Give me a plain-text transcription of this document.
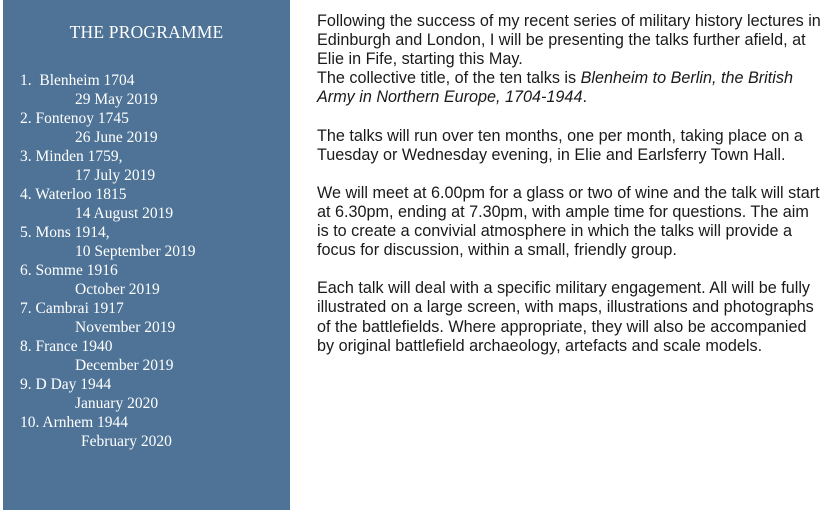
THE PROGRAMME
1.  Blenheim 1704
29 May 2019
2. Fontenoy 1745
26 June 2019
3. Minden 1759,
17 July 2019
4. Waterloo 1815
14 August 2019
5. Mons 1914,
10 September 2019
6. Somme 1916
October 2019
7. Cambrai 1917
November 2019
8. France 1940
December 2019
9. D Day 1944
January 2020
10. Arnhem 1944
February 2020

Following the success of my recent series of military history lectures in Edinburgh and London, I will be presenting the talks further afield, at Elie in Fife, starting this May.

The collective title, of the ten talks is Blenheim to Berlin, the British Army in Northern Europe, 1704-1944.

The talks will run over ten months, one per month, taking place on a Tuesday or Wednesday evening, in Elie and Earlsferry Town Hall.

We will meet at 6.00pm for a glass or two of wine and the talk will start at 6.30pm, ending at 7.30pm, with ample time for questions. The aim is to create a convivial atmosphere in which the talks will provide a focus for discussion, within a small, friendly group.

Each talk will deal with a specific military engagement. All will be fully illustrated on a large screen, with maps, illustrations and photographs of the battlefields. Where appropriate, they will also be accompanied by original battlefield archaeology, artefacts and scale models.
